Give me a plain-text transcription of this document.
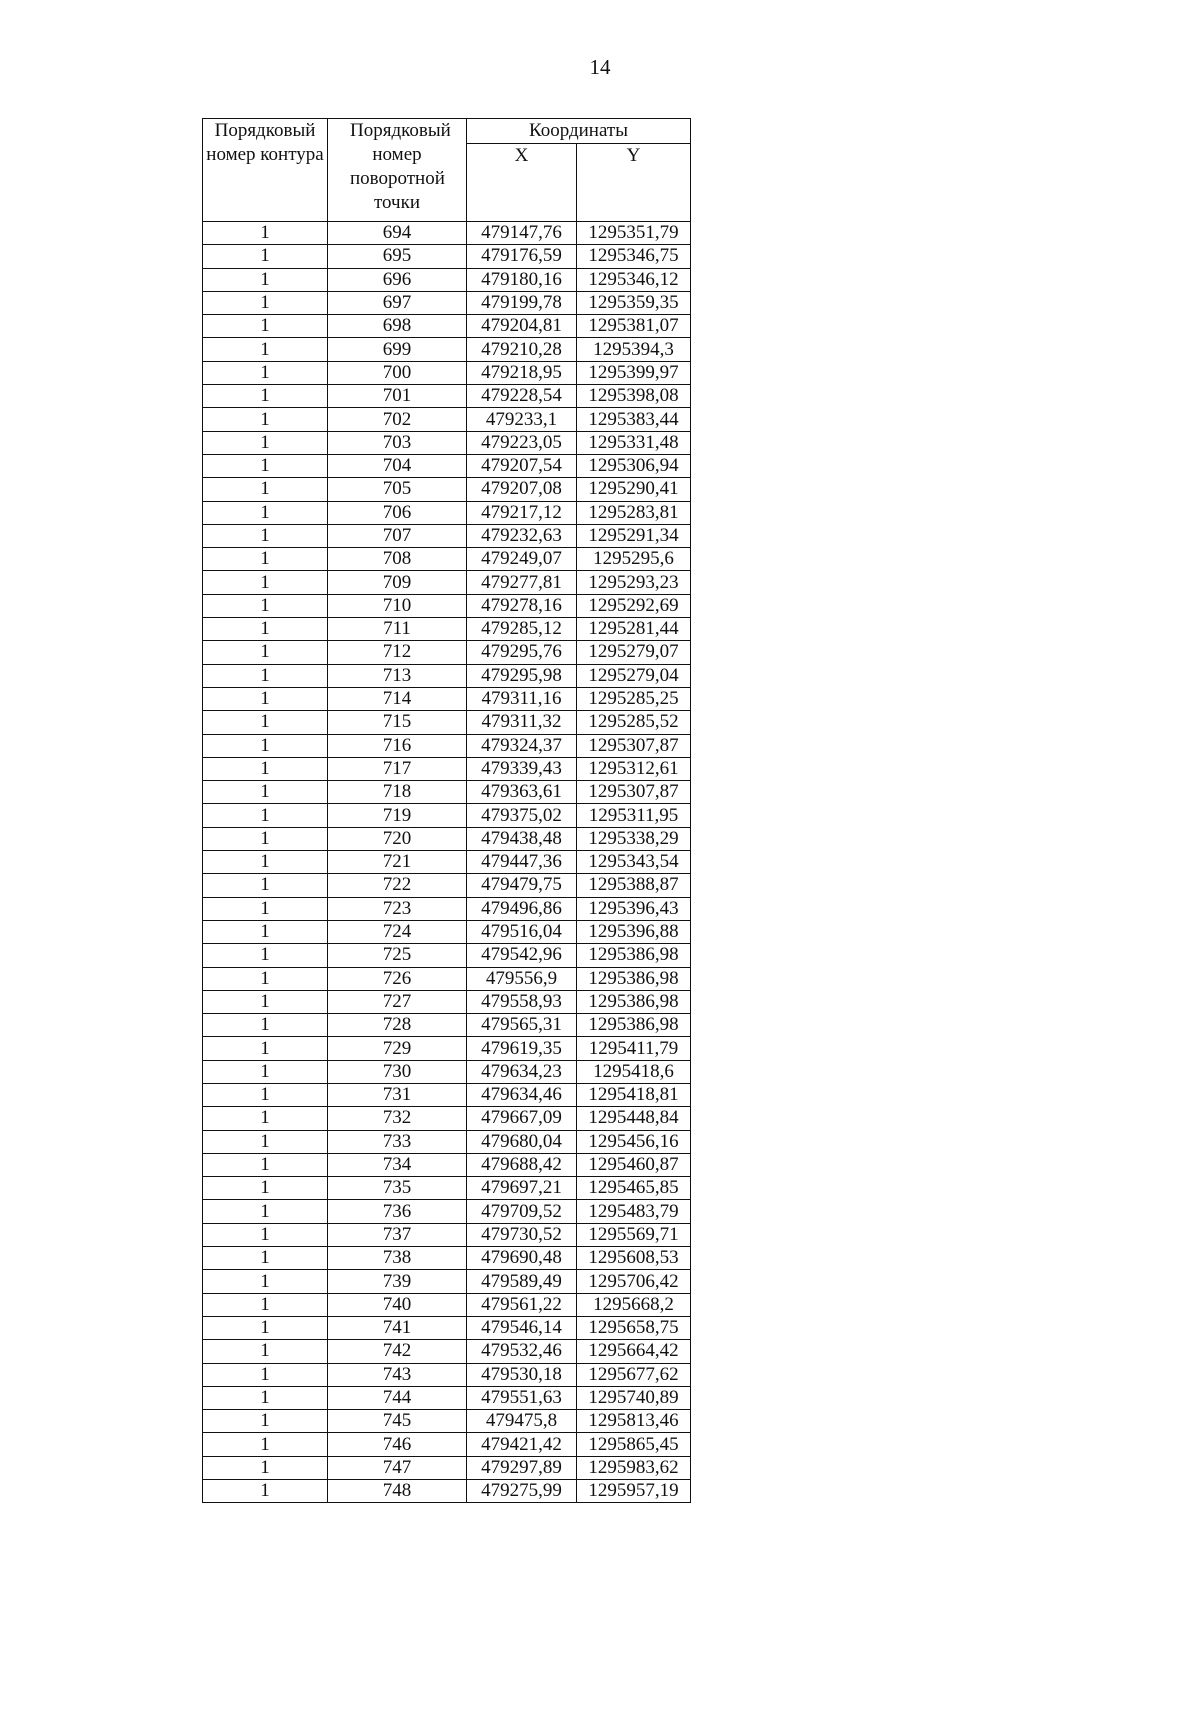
14
Порядковый номер контура	Порядковый номер поворотной точки	Координаты	
		X	Y
1	694	479147,76	1295351,79
1	695	479176,59	1295346,75
1	696	479180,16	1295346,12
1	697	479199,78	1295359,35
1	698	479204,81	1295381,07
1	699	479210,28	1295394,3
1	700	479218,95	1295399,97
1	701	479228,54	1295398,08
1	702	479233,1	1295383,44
1	703	479223,05	1295331,48
1	704	479207,54	1295306,94
1	705	479207,08	1295290,41
1	706	479217,12	1295283,81
1	707	479232,63	1295291,34
1	708	479249,07	1295295,6
1	709	479277,81	1295293,23
1	710	479278,16	1295292,69
1	711	479285,12	1295281,44
1	712	479295,76	1295279,07
1	713	479295,98	1295279,04
1	714	479311,16	1295285,25
1	715	479311,32	1295285,52
1	716	479324,37	1295307,87
1	717	479339,43	1295312,61
1	718	479363,61	1295307,87
1	719	479375,02	1295311,95
1	720	479438,48	1295338,29
1	721	479447,36	1295343,54
1	722	479479,75	1295388,87
1	723	479496,86	1295396,43
1	724	479516,04	1295396,88
1	725	479542,96	1295386,98
1	726	479556,9	1295386,98
1	727	479558,93	1295386,98
1	728	479565,31	1295386,98
1	729	479619,35	1295411,79
1	730	479634,23	1295418,6
1	731	479634,46	1295418,81
1	732	479667,09	1295448,84
1	733	479680,04	1295456,16
1	734	479688,42	1295460,87
1	735	479697,21	1295465,85
1	736	479709,52	1295483,79
1	737	479730,52	1295569,71
1	738	479690,48	1295608,53
1	739	479589,49	1295706,42
1	740	479561,22	1295668,2
1	741	479546,14	1295658,75
1	742	479532,46	1295664,42
1	743	479530,18	1295677,62
1	744	479551,63	1295740,89
1	745	479475,8	1295813,46
1	746	479421,42	1295865,45
1	747	479297,89	1295983,62
1	748	479275,99	1295957,19
